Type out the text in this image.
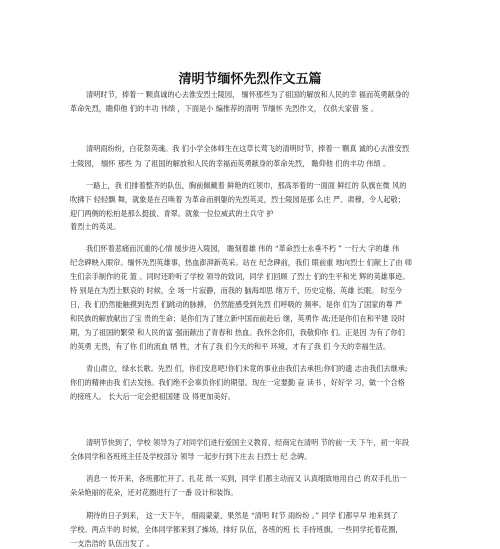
清明节缅怀先烈作文五篇
清明时节，捧着一 颗真诚的心去淮安烈士陵园， 缅怀那些为了祖国的解放和人民的幸 福而英勇献身的
革命先烈，瞻仰他 们的丰功 伟绩 ，下面是小 编推荐的清明 节缅怀 先烈作文， 仅供大家借 鉴 。
清明雨纷纷，白花祭英魂。我 们小学全体师生在这草长莺飞的清明时节，捧着一 颗真 诚的心去淮安烈
士陵园， 缅怀 那些 为 了祖国的解放和人民的幸福而英勇献身的革命先烈， 瞻仰他 们的丰功 伟绩 。
一路上，我 们排着整齐的队伍，胸前佩戴着 鲜艳的红领巾，那高举着的一面面 鲜红的 队旗在微 风的
吹拂下 轻轻飘 舞，就象是在召唤着 为革命而捐躯的先烈英灵，烈士陵园是那 么庄 严、肃穆，令人起敬；
迎门两侧的松柏是那么挺拔、青翠。就象一位位威武的士兵守 护
着烈士的英灵。
我们怀着悲痛而沉重的心情 缓步进入陵园， 瞻刻着雄 伟的 “革命烈士永垂不朽 ” 一行大 字的雄 伟
纪念碑映入眼帘。缅怀先烈英雄事，热血澎湃新英采。站在 纪念碑前，我们 眼前重 地向烈士 们献上了由 师
生们亲手制作的花 篮 。同时还聆听了学校 领导的致词，同学 们回顾 了烈士 们的生平和光 辉的英雄事迹。
特 别是在为烈士默哀的 时候，全 场一片寂静，而我的 脑海却思 绪万千，历史定格，英雄 长眠。 时至今
日，我 们仍然能触摸到先烈 们跳动的脉搏， 仍然能感受到先烈 们呼吸的 频率。是你 们为了国家的尊 严
和民族的解放献出了宝 贵的生命；是你们为了建立新中国而前赴后 继，英勇作 战;还是你们在和平建 设时
期，为了祖国的繁荣 和人民的富 强而献出了青春和 热血。我怀念你们，我敬仰你 们。正是因 为有了你们
的英勇 无畏，有了你 们的流血 牺 牲，才有了我 们今天的和平 环境，才有了我 们 今天的幸福生活。
青山肃立，绿水长歌。先烈 们，你们安息吧!你们未竟的事业由我们去承担;你们的遗 志由我们去继承;
你们的精神由我 们去发扬。我们绝不会辜负你们的期望。现在一定要勤 奋 读书 ，好好学 习，做一个合格
的接班人。 长大后一定会把祖国建 设 得更加美好。
清明节快到了，学校 领导为了对同学们进行爱国主义教育，经商定在清明 节的前一天 下午，初一年段
全体同学和各班班主任及学校部分 领导 一起步行到下庄去 扫烈士 纪 念碑。
消息一 传开来，各班都忙开了。扎花 纸一买到，同学 们都主动而又 认真细致地用自己 的双手扎出一
朵朵艳丽的花朵，还对花圈进行了一番 设计和装饰。
期待的日子到来， 这一天下午， 细雨蒙蒙，果然是 “清明 时节 雨纷纷 。” 同学 们都早早 地来到了
学校。两点半的 时候，全体同学都来到了操场，排好 队伍，各班的班 长 手持班旗，一些同学托着花圈，
一支浩浩的 队伍出发了 。
